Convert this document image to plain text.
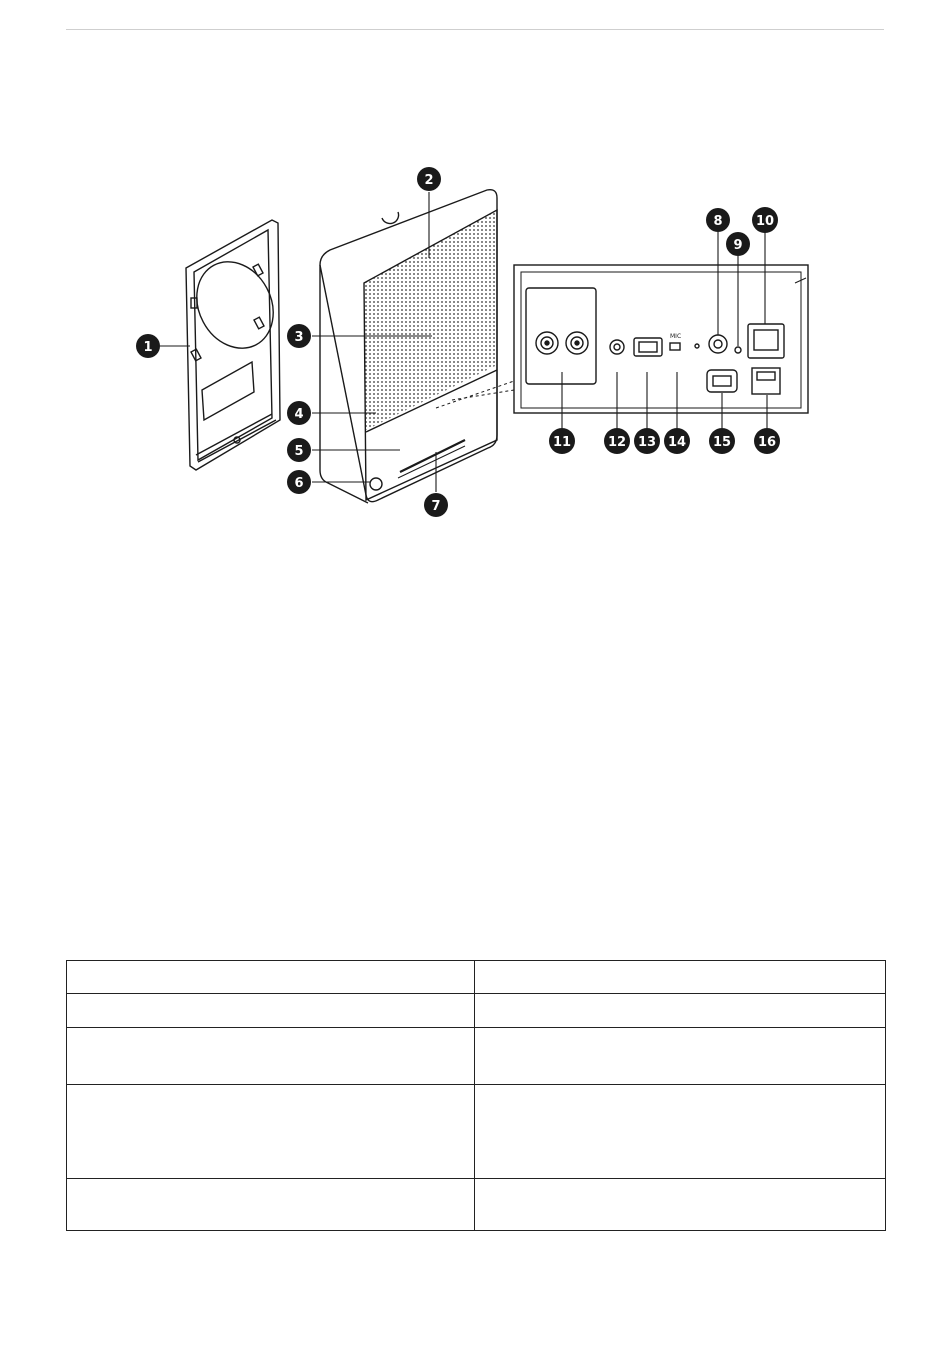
MIC
1
2
3
4
5
6
7
8
9
10
11	12 13 14 15 16
